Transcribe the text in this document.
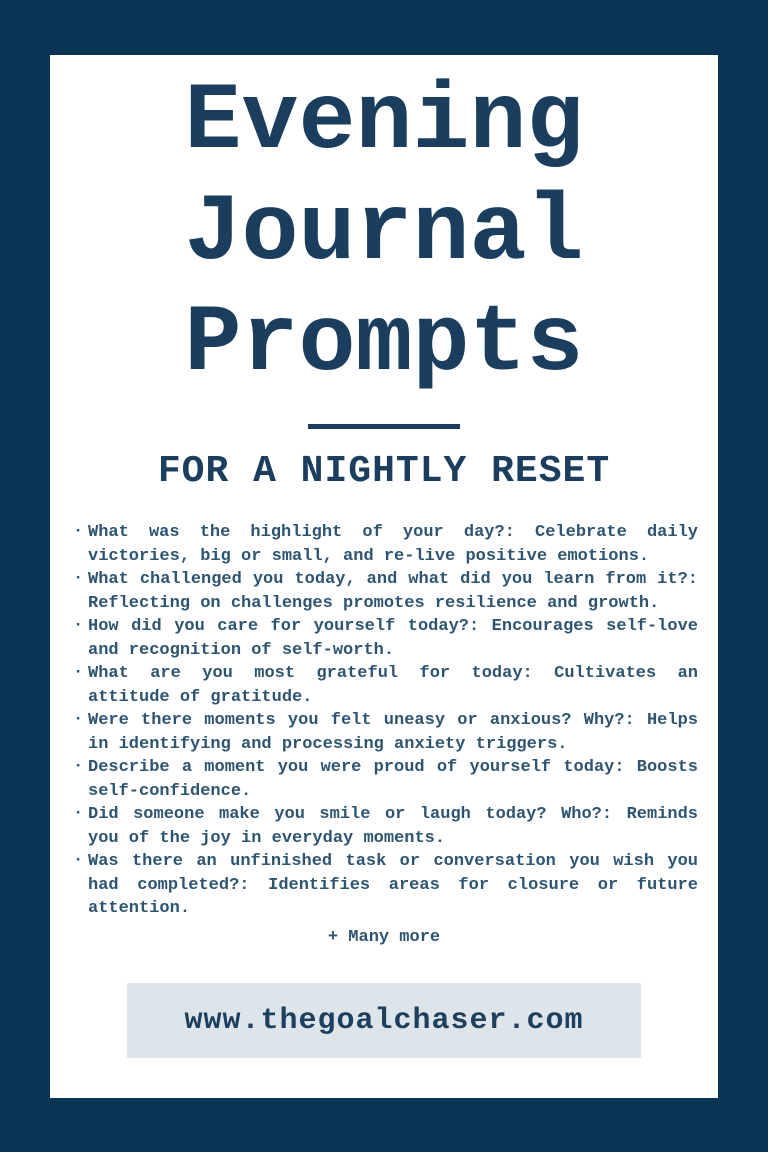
Evening
Journal
Prompts
FOR A NIGHTLY RESET
· What was the highlight of your day?: Celebrate daily victories, big or small, and re-live positive emotions.
· What challenged you today, and what did you learn from it?: Reflecting on challenges promotes resilience and growth.
· How did you care for yourself today?: Encourages self-love and recognition of self-worth.
· What are you most grateful for today: Cultivates an attitude of gratitude.
· Were there moments you felt uneasy or anxious? Why?: Helps in identifying and processing anxiety triggers.
· Describe a moment you were proud of yourself today: Boosts self-confidence.
· Did someone make you smile or laugh today? Who?: Reminds you of the joy in everyday moments.
· Was there an unfinished task or conversation you wish you had completed?: Identifies areas for closure or future attention.
+ Many more
www.thegoalchaser.com
